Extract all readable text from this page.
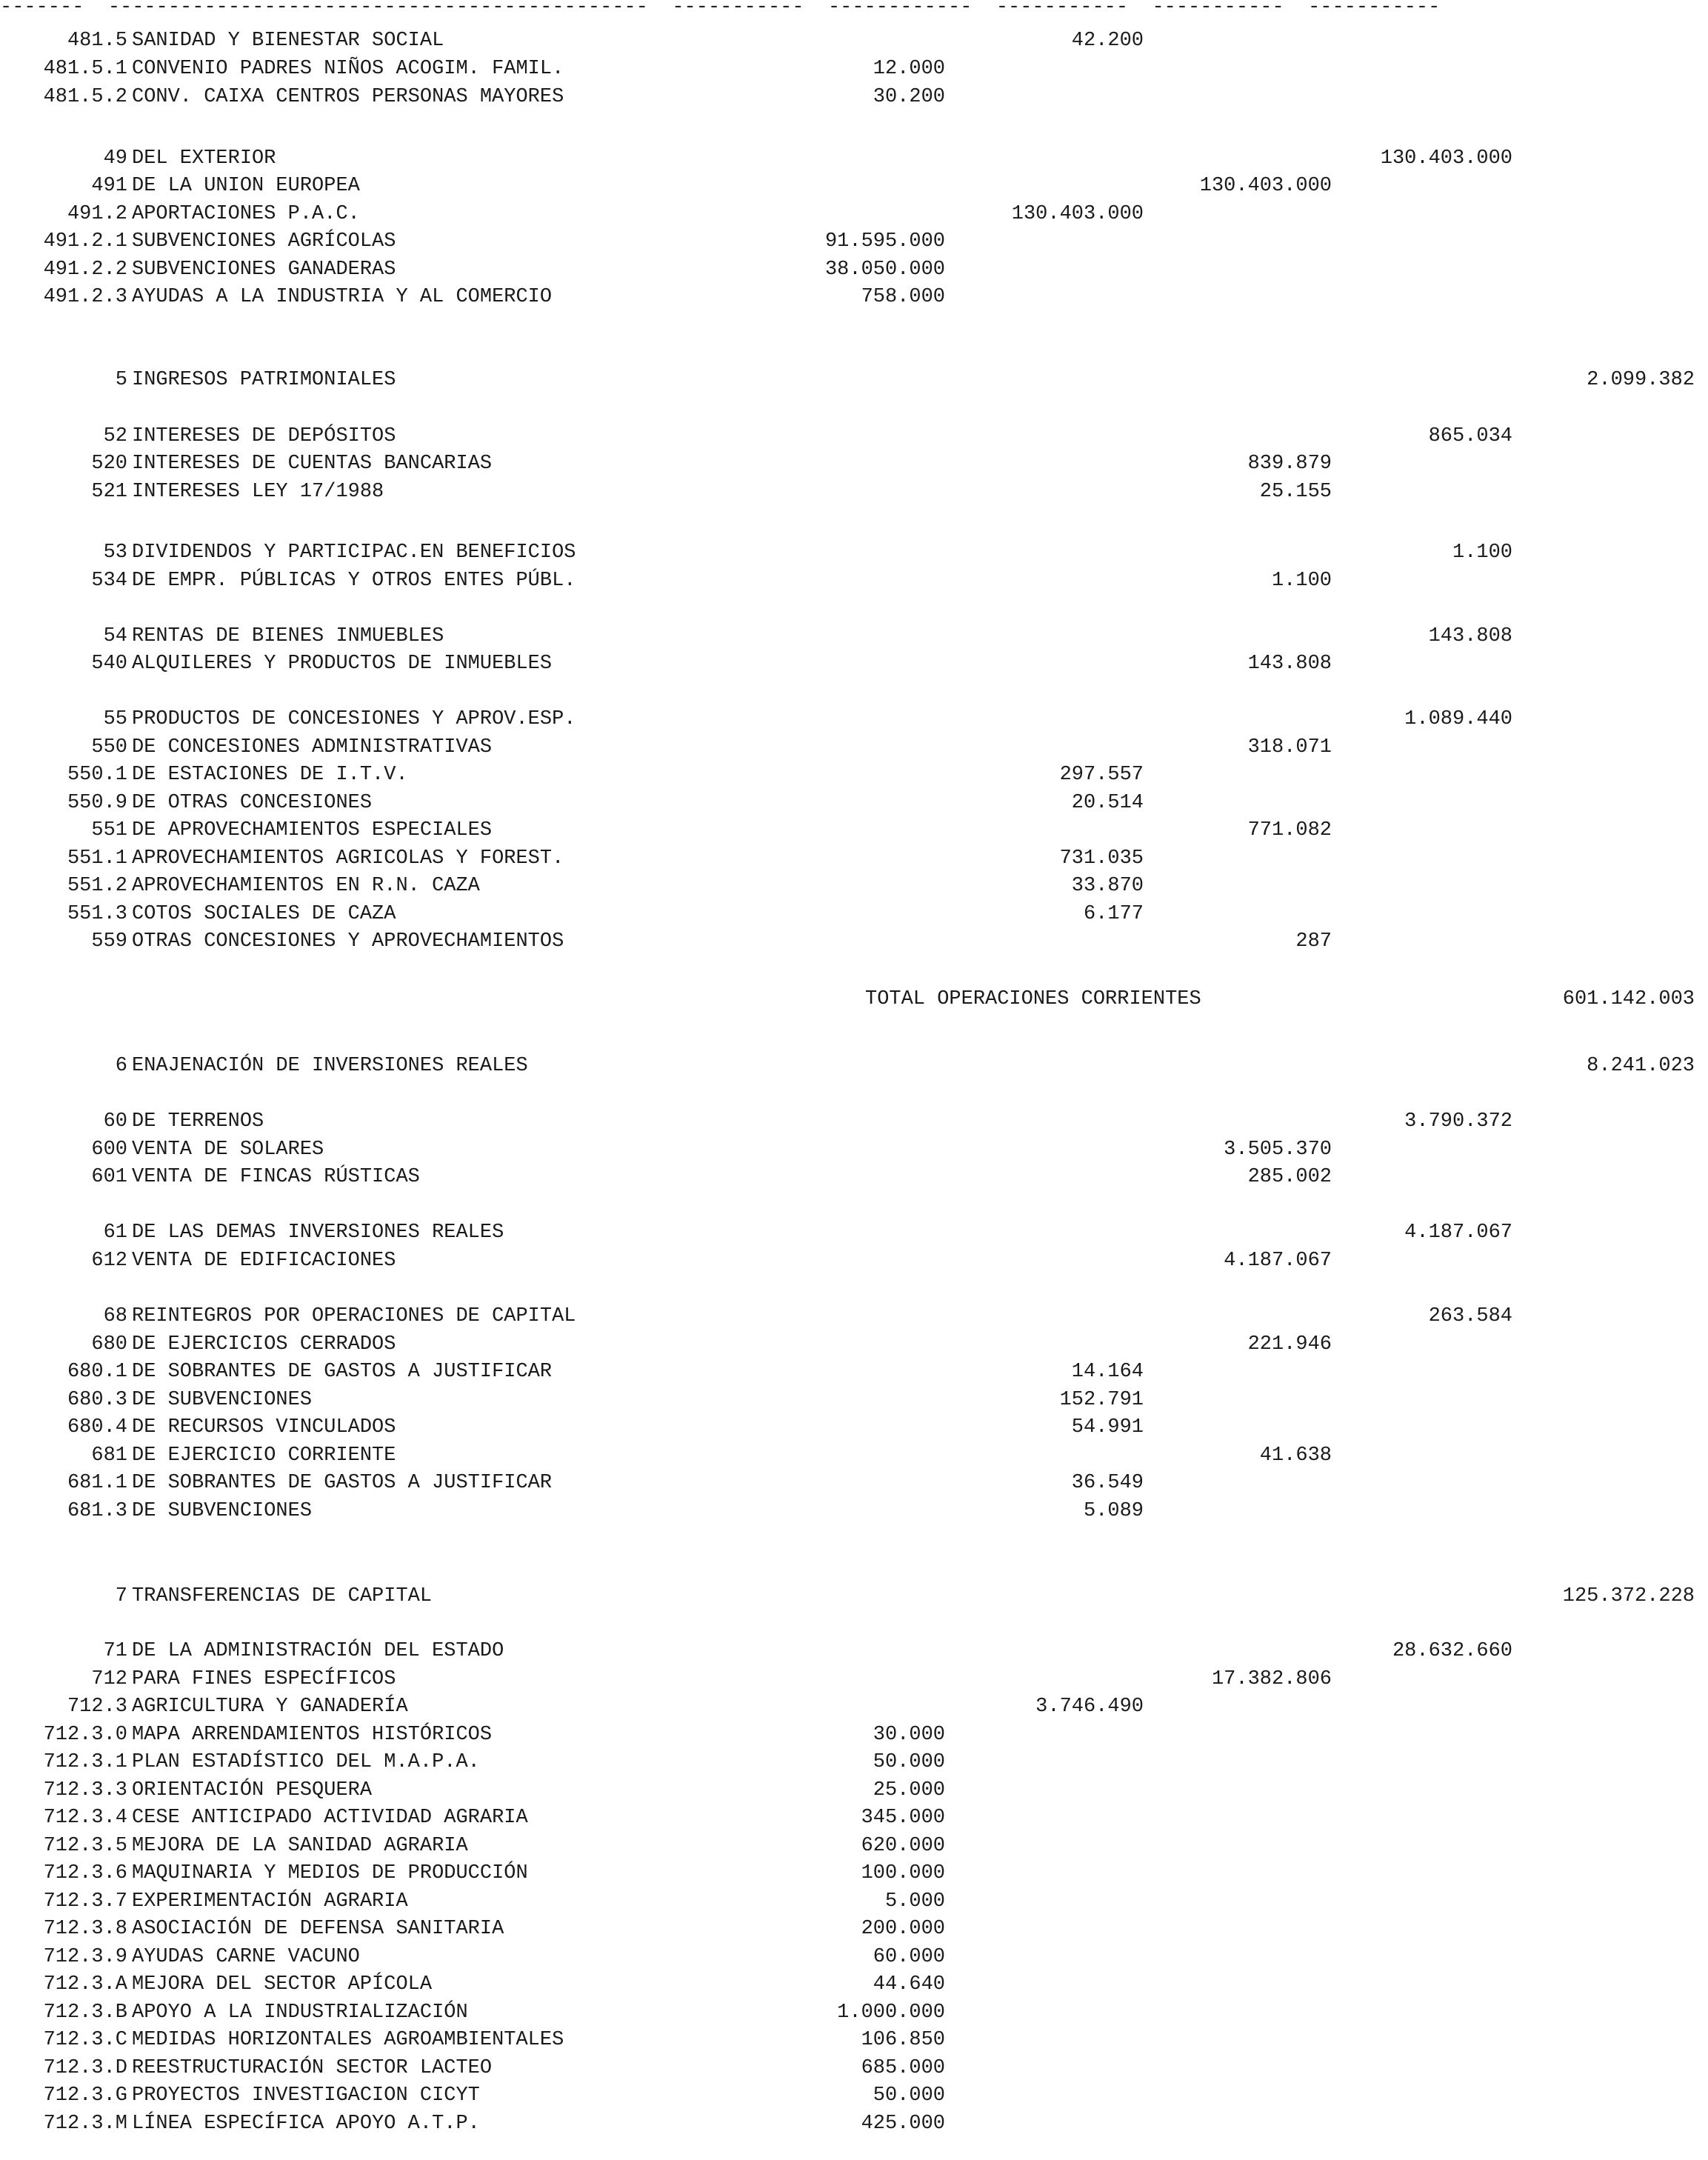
-------  ---------------------------------------------  -----------  ------------  -----------  -----------  -----------
481.5 SANIDAD Y BIENESTAR SOCIAL	42.200
481.5.1 CONVENIO PADRES NIÑOS ACOGIM. FAMIL.	12.000
481.5.2 CONV. CAIXA CENTROS PERSONAS MAYORES	30.200
49 DEL EXTERIOR	130.403.000
491 DE LA UNION EUROPEA	130.403.000
491.2 APORTACIONES P.A.C.	130.403.000
491.2.1 SUBVENCIONES AGRÍCOLAS	91.595.000
491.2.2 SUBVENCIONES GANADERAS	38.050.000
491.2.3 AYUDAS A LA INDUSTRIA Y AL COMERCIO	758.000
5 INGRESOS PATRIMONIALES	2.099.382
52 INTERESES DE DEPÓSITOS	865.034
520 INTERESES DE CUENTAS BANCARIAS	839.879
521 INTERESES LEY 17/1988	25.155
53 DIVIDENDOS Y PARTICIPAC.EN BENEFICIOS	1.100
534 DE EMPR. PÚBLICAS Y OTROS ENTES PÚBL.	1.100
54 RENTAS DE BIENES INMUEBLES	143.808
540 ALQUILERES Y PRODUCTOS DE INMUEBLES	143.808
55 PRODUCTOS DE CONCESIONES Y APROV.ESP.	1.089.440
550 DE CONCESIONES ADMINISTRATIVAS	318.071
550.1 DE ESTACIONES DE I.T.V.	297.557
550.9 DE OTRAS CONCESIONES	20.514
551 DE APROVECHAMIENTOS ESPECIALES	771.082
551.1 APROVECHAMIENTOS AGRICOLAS Y FOREST.	731.035
551.2 APROVECHAMIENTOS EN R.N. CAZA	33.870
551.3 COTOS SOCIALES DE CAZA	6.177
559 OTRAS CONCESIONES Y APROVECHAMIENTOS	287
TOTAL OPERACIONES CORRIENTES	601.142.003
6 ENAJENACIÓN DE INVERSIONES REALES	8.241.023
60 DE TERRENOS	3.790.372
600 VENTA DE SOLARES	3.505.370
601 VENTA DE FINCAS RÚSTICAS	285.002
61 DE LAS DEMAS INVERSIONES REALES	4.187.067
612 VENTA DE EDIFICACIONES	4.187.067
68 REINTEGROS POR OPERACIONES DE CAPITAL	263.584
680 DE EJERCICIOS CERRADOS	221.946
680.1 DE SOBRANTES DE GASTOS A JUSTIFICAR	14.164
680.3 DE SUBVENCIONES	152.791
680.4 DE RECURSOS VINCULADOS	54.991
681 DE EJERCICIO CORRIENTE	41.638
681.1 DE SOBRANTES DE GASTOS A JUSTIFICAR	36.549
681.3 DE SUBVENCIONES	5.089
7 TRANSFERENCIAS DE CAPITAL	125.372.228
71 DE LA ADMINISTRACIÓN DEL ESTADO	28.632.660
712 PARA FINES ESPECÍFICOS	17.382.806
712.3 AGRICULTURA Y GANADERÍA	3.746.490
712.3.0 MAPA ARRENDAMIENTOS HISTÓRICOS	30.000
712.3.1 PLAN ESTADÍSTICO DEL M.A.P.A.	50.000
712.3.3 ORIENTACIÓN PESQUERA	25.000
712.3.4 CESE ANTICIPADO ACTIVIDAD AGRARIA	345.000
712.3.5 MEJORA DE LA SANIDAD AGRARIA	620.000
712.3.6 MAQUINARIA Y MEDIOS DE PRODUCCIÓN	100.000
712.3.7 EXPERIMENTACIÓN AGRARIA	5.000
712.3.8 ASOCIACIÓN DE DEFENSA SANITARIA	200.000
712.3.9 AYUDAS CARNE VACUNO	60.000
712.3.A MEJORA DEL SECTOR APÍCOLA	44.640
712.3.B APOYO A LA INDUSTRIALIZACIÓN	1.000.000
712.3.C MEDIDAS HORIZONTALES AGROAMBIENTALES	106.850
712.3.D REESTRUCTURACIÓN SECTOR LACTEO	685.000
712.3.G PROYECTOS INVESTIGACION CICYT	50.000
712.3.M LÍNEA ESPECÍFICA APOYO A.T.P.	425.000
